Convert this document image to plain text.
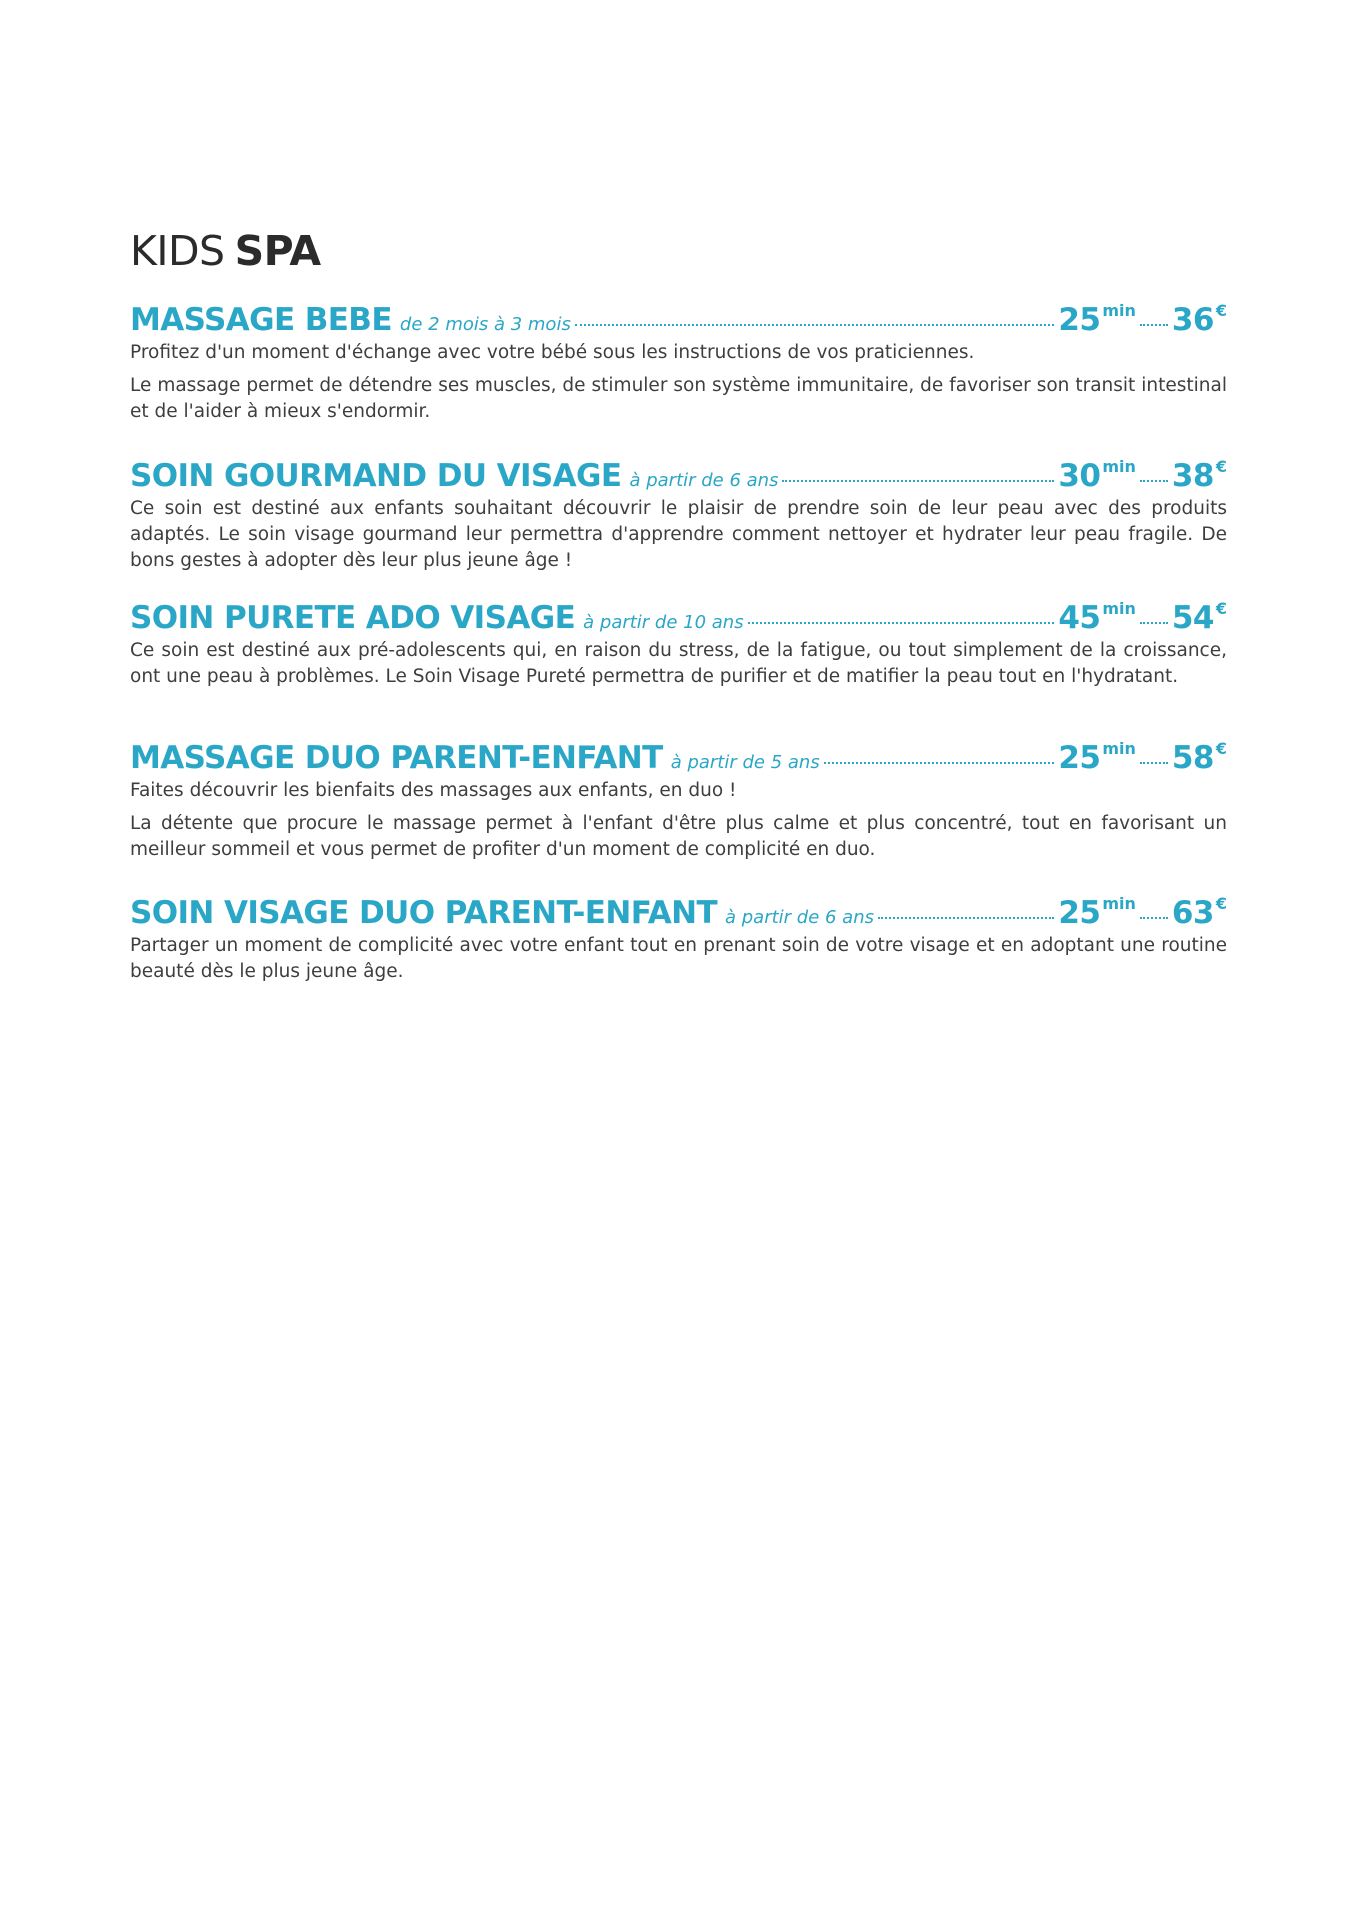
KIDS SPA
MASSAGE BEBE de 2 mois à 3 mois	25 $^{min}$ 36 €

Profitez d'un moment d'échange avec votre bébé sous les instructions de vos praticiennes.

Le massage permet de détendre ses muscles, de stimuler son système immunitaire, de favoriser son transit intestinal et de l'aider à mieux s'endormir.

SOIN GOURMAND DU VISAGE à partir de 6 ans	30 $^{min}$ 38 €

Ce soin est destiné aux enfants souhaitant découvrir le plaisir de prendre soin de leur peau avec des produits adaptés. Le soin visage gourmand leur permettra d'apprendre comment nettoyer et hydrater leur peau fragile. De bons gestes à adopter dès leur plus jeune âge !

SOIN PURETE ADO VISAGE à partir de 10 ans	45 $^{min}$ 54 €

Ce soin est destiné aux pré-adolescents qui, en raison du stress, de la fatigue, ou tout simplement de la croissance, ont une peau à problèmes. Le Soin Visage Pureté permettra de purifier et de matifier la peau tout en l'hydratant.

MASSAGE DUO PARENT-ENFANT à partir de 5 ans	25 $^{min}$ 58 €

Faites découvrir les bienfaits des massages aux enfants, en duo !

La détente que procure le massage permet à l'enfant d'être plus calme et plus concentré, tout en favorisant un meilleur sommeil et vous permet de profiter d'un moment de complicité en duo.

SOIN VISAGE DUO PARENT-ENFANT à partir de 6 ans	25 $^{min}$ 63 €

Partager un moment de complicité avec votre enfant tout en prenant soin de votre visage et en adoptant une routine beauté dès le plus jeune âge.
